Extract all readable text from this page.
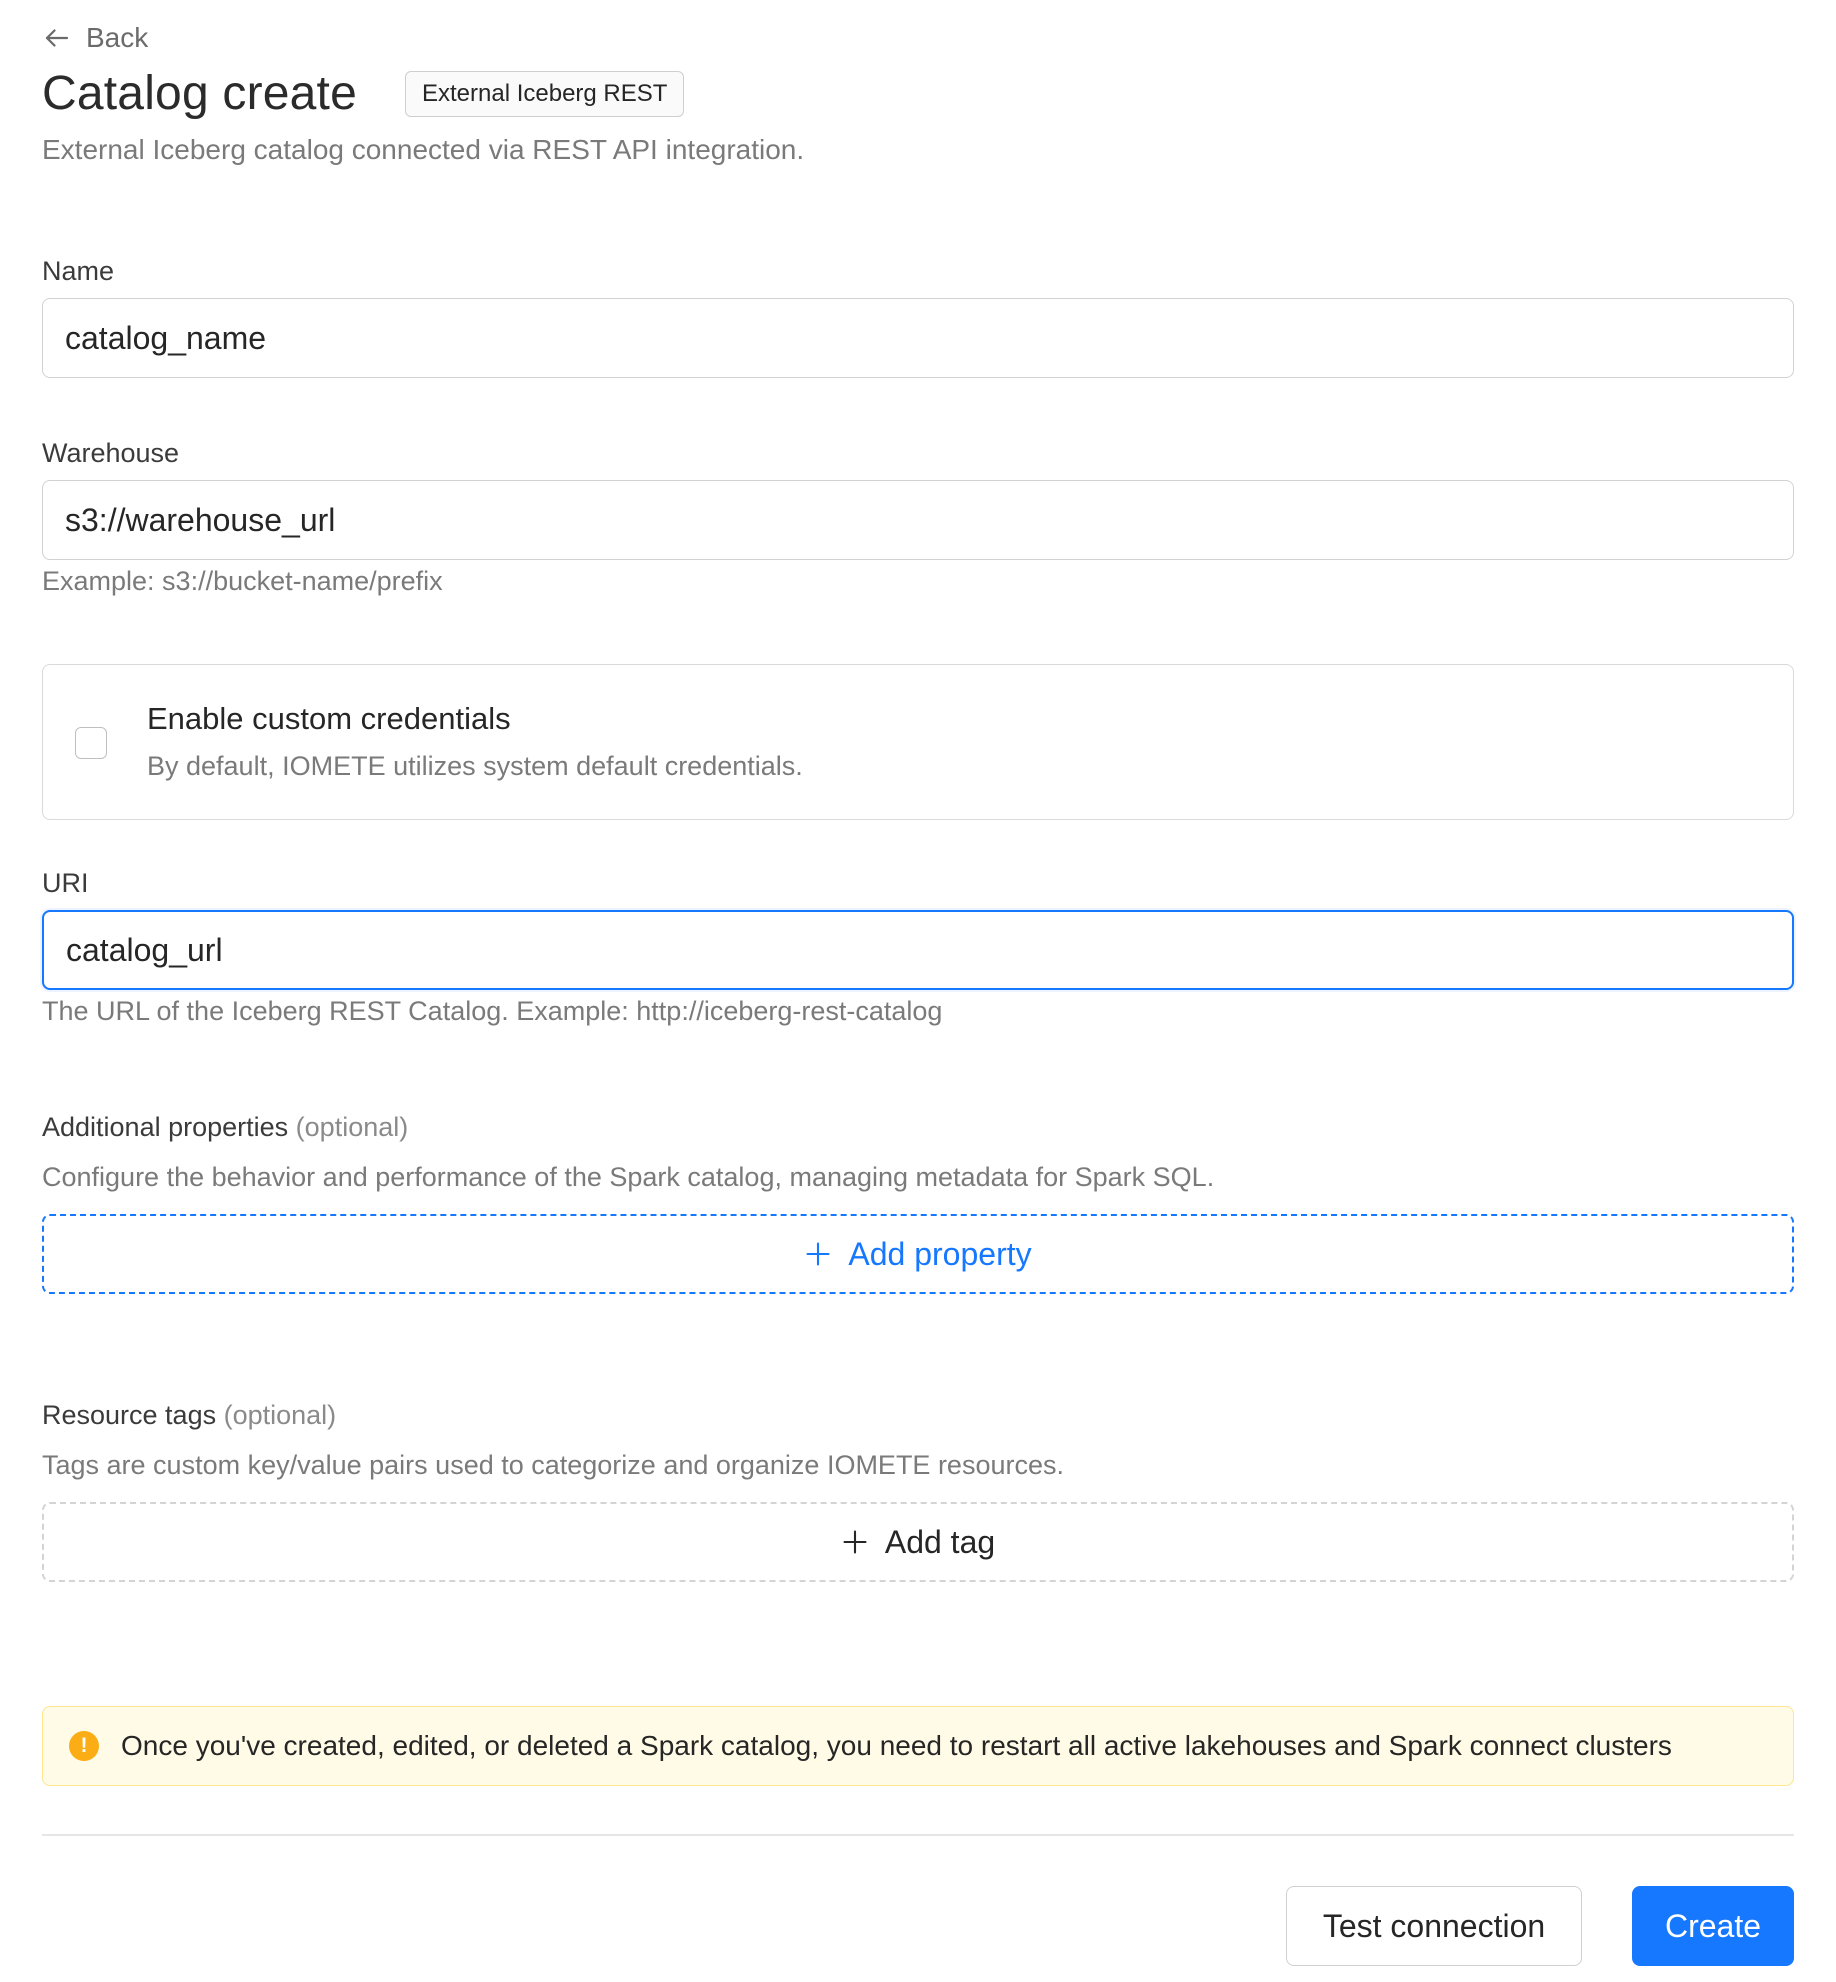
Back
Catalog create	External Iceberg REST
External Iceberg catalog connected via REST API integration.
Name
catalog_name
Warehouse
s3://warehouse_url
Example: s3://bucket-name/prefix
Enable custom credentials
By default, IOMETE utilizes system default credentials.
URI
catalog_url
The URL of the Iceberg REST Catalog. Example: http://iceberg-rest-catalog
Additional properties (optional)
Configure the behavior and performance of the Spark catalog, managing metadata for Spark SQL.
Add property
Resource tags (optional)
Tags are custom key/value pairs used to categorize and organize IOMETE resources.
Add tag
!	Once you've created, edited, or deleted a Spark catalog, you need to restart all active lakehouses and Spark connect clusters
Test connection	Create
